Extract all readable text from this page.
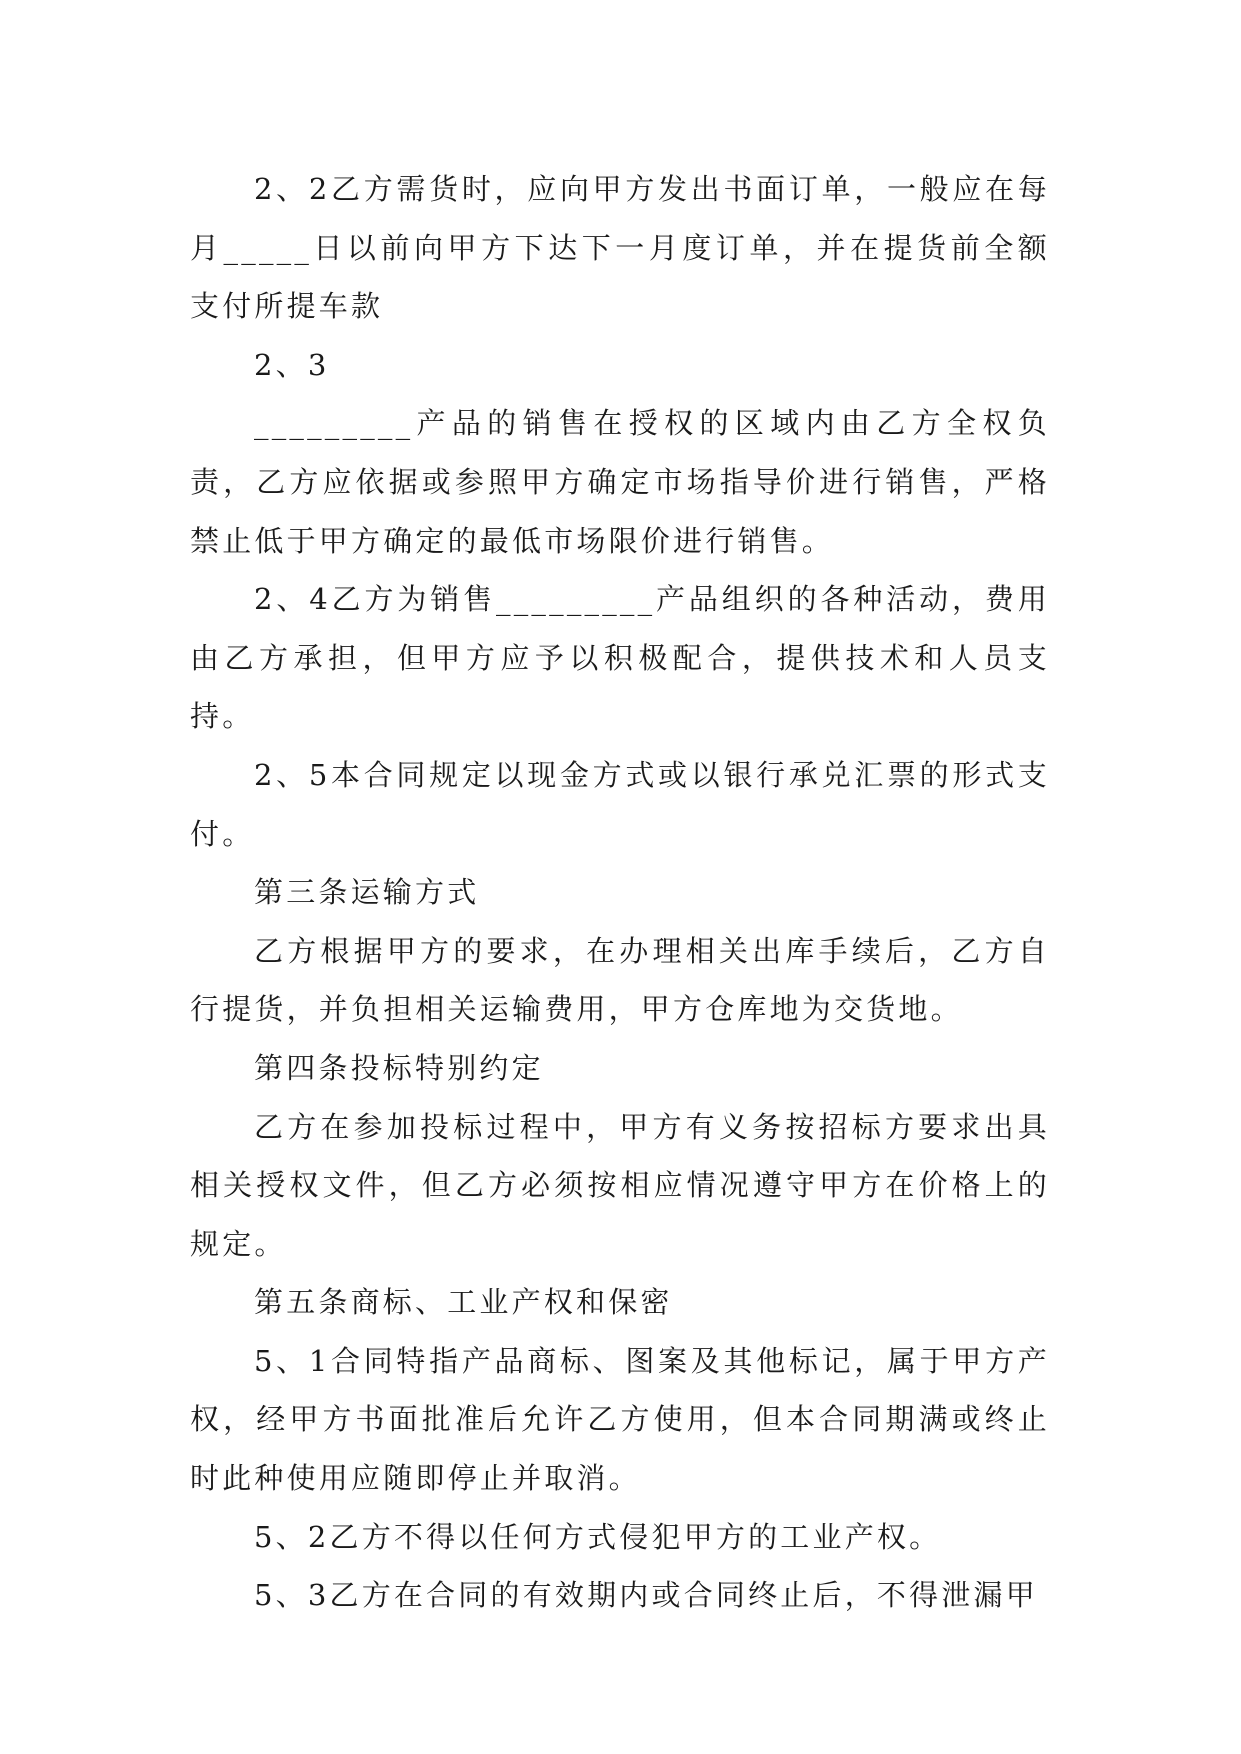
2、2乙方需货时，应向甲方发出书面订单，一般应在每月_____日以前向甲方下达下一月度订单，并在提货前全额支付所提车款

2、3

_________产品的销售在授权的区域内由乙方全权负责，乙方应依据或参照甲方确定市场指导价进行销售，严格禁止低于甲方确定的最低市场限价进行销售。

2、4乙方为销售_________产品组织的各种活动，费用由乙方承担，但甲方应予以积极配合，提供技术和人员支持。

2、5本合同规定以现金方式或以银行承兑汇票的形式支付。

第三条运输方式

乙方根据甲方的要求，在办理相关出库手续后，乙方自行提货，并负担相关运输费用，甲方仓库地为交货地。

第四条投标特别约定

乙方在参加投标过程中，甲方有义务按招标方要求出具相关授权文件，但乙方必须按相应情况遵守甲方在价格上的规定。

第五条商标、工业产权和保密

5、1合同特指产品商标、图案及其他标记，属于甲方产权，经甲方书面批准后允许乙方使用，但本合同期满或终止时此种使用应随即停止并取消。

5、2乙方不得以任何方式侵犯甲方的工业产权。

5、3乙方在合同的有效期内或合同终止后，不得泄漏甲
